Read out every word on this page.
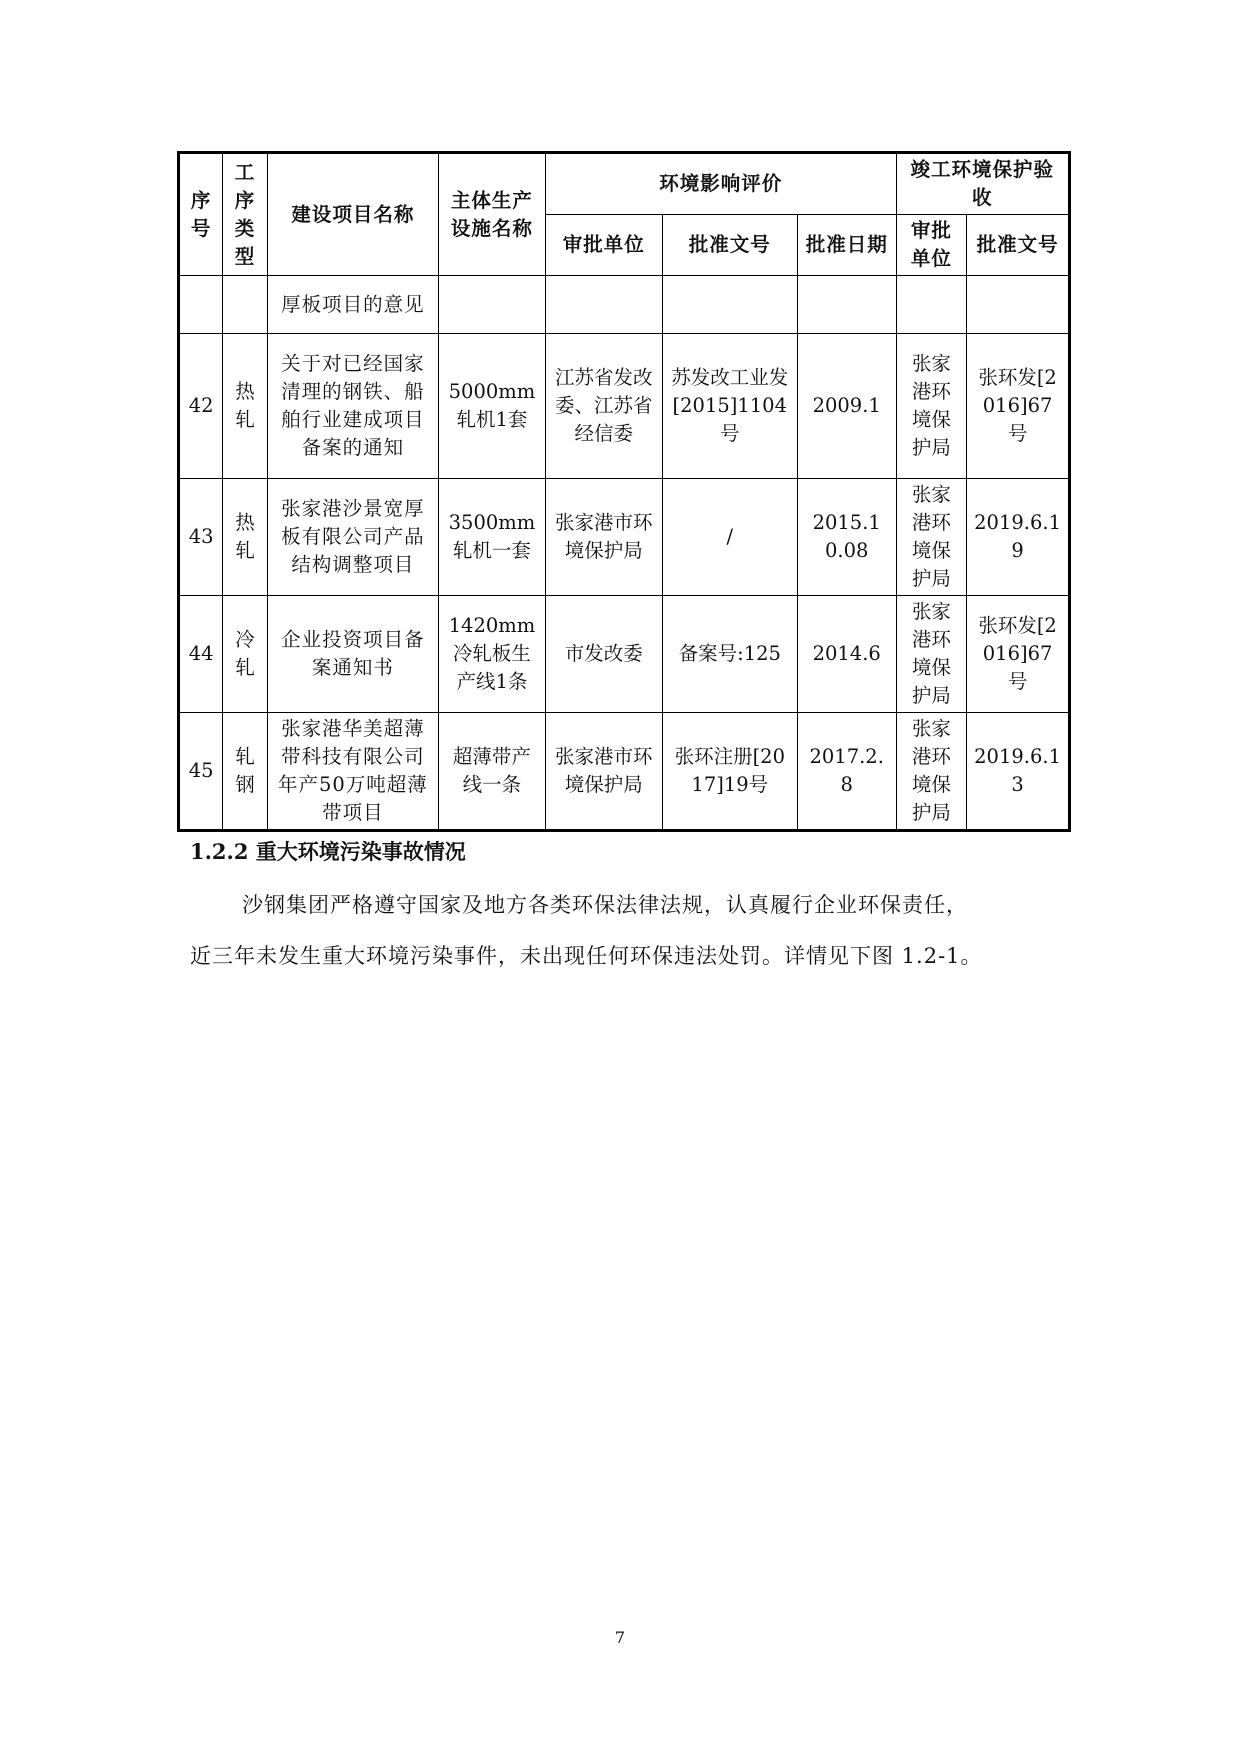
序号	工序类型	建设项目名称	主体生产设施名称	环境影响评价			竣工环境保护验收	
				审批单位	批准文号	批准日期	审批单位	批准文号
		厚板项目的意见						
42	热轧	关于对已经国家清理的钢铁、船舶行业建成项目备案的通知	5000mm轧机1套	江苏省发改委、江苏省经信委	苏发改工业发[2015]1104号	2009.1	张家港环境保护局	张环发[2016]67号
43	热轧	张家港沙景宽厚板有限公司产品结构调整项目	3500mm轧机一套	张家港市环境保护局	/	2015.10.08	张家港环境保护局	2019.6.19
44	冷轧	企业投资项目备案通知书	1420mm冷轧板生产线1条	市发改委	备案号:125	2014.6	张家港环境保护局	张环发[2016]67号
45	轧钢	张家港华美超薄带科技有限公司年产50万吨超薄带项目	超薄带产线一条	张家港市环境保护局	张环注册[2017]19号	2017.2.8	张家港环境保护局	2019.6.13
1.2.2 重大环境污染事故情况
沙钢集团严格遵守国家及地方各类环保法律法规，认真履行企业环保责任，
近三年未发生重大环境污染事件，未出现任何环保违法处罚。详情见下图 1.2-1。
7
